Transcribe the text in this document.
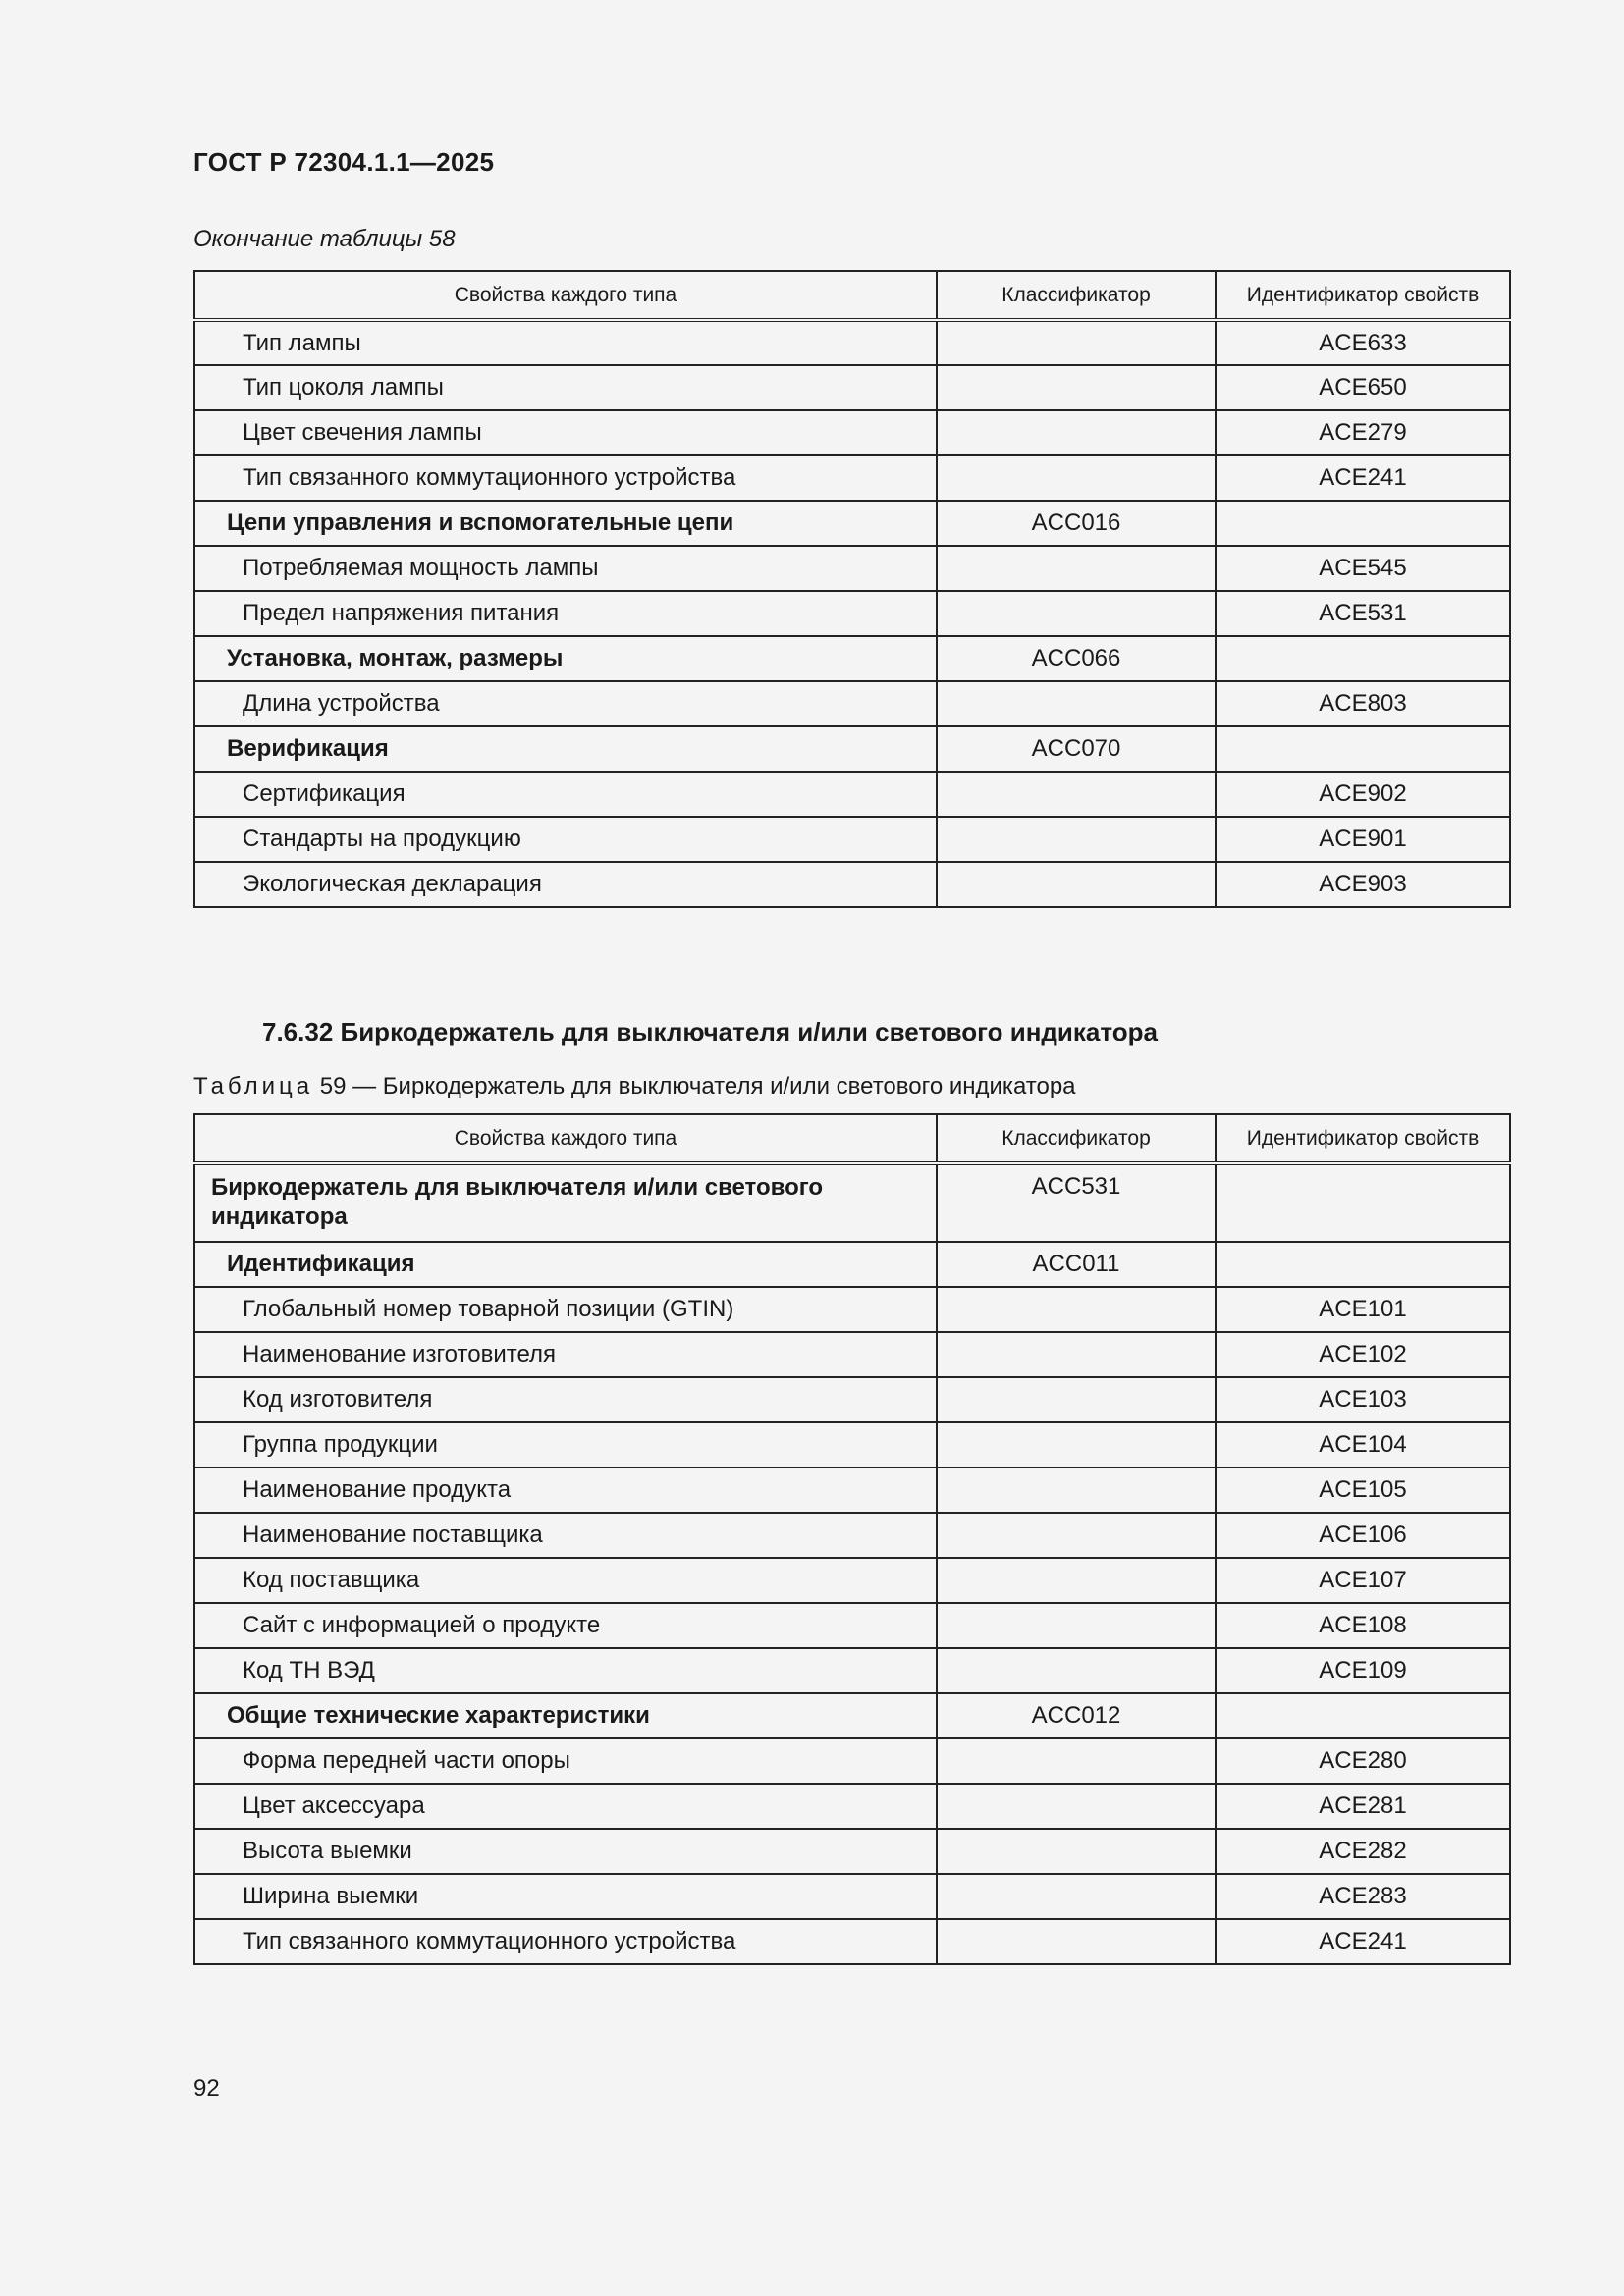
ГОСТ Р 72304.1.1—2025
Окончание таблицы 58
Свойства каждого типа	Классификатор	Идентификатор свойств
Тип лампы		ACE633
Тип цоколя лампы		ACE650
Цвет свечения лампы		ACE279
Тип связанного коммутационного устройства		ACE241
Цепи управления и вспомогательные цепи	ACC016	
Потребляемая мощность лампы		ACE545
Предел напряжения питания		ACE531
Установка, монтаж, размеры	ACC066	
Длина устройства		ACE803
Верификация	ACC070	
Сертификация		ACE902
Стандарты на продукцию		ACE901
Экологическая декларация		ACE903
7.6.32 Биркодержатель для выключателя и/или светового индикатора
Таблица 59 — Биркодержатель для выключателя и/или светового индикатора
Свойства каждого типа	Классификатор	Идентификатор свойств
Биркодержатель для выключателя и/или светового индикатора	ACC531	
Идентификация	ACC011	
Глобальный номер товарной позиции (GTIN)		ACE101
Наименование изготовителя		ACE102
Код изготовителя		ACE103
Группа продукции		ACE104
Наименование продукта		ACE105
Наименование поставщика		ACE106
Код поставщика		ACE107
Сайт с информацией о продукте		ACE108
Код ТН ВЭД		ACE109
Общие технические характеристики	ACC012	
Форма передней части опоры		ACE280
Цвет аксессуара		ACE281
Высота выемки		ACE282
Ширина выемки		ACE283
Тип связанного коммутационного устройства		ACE241
92
